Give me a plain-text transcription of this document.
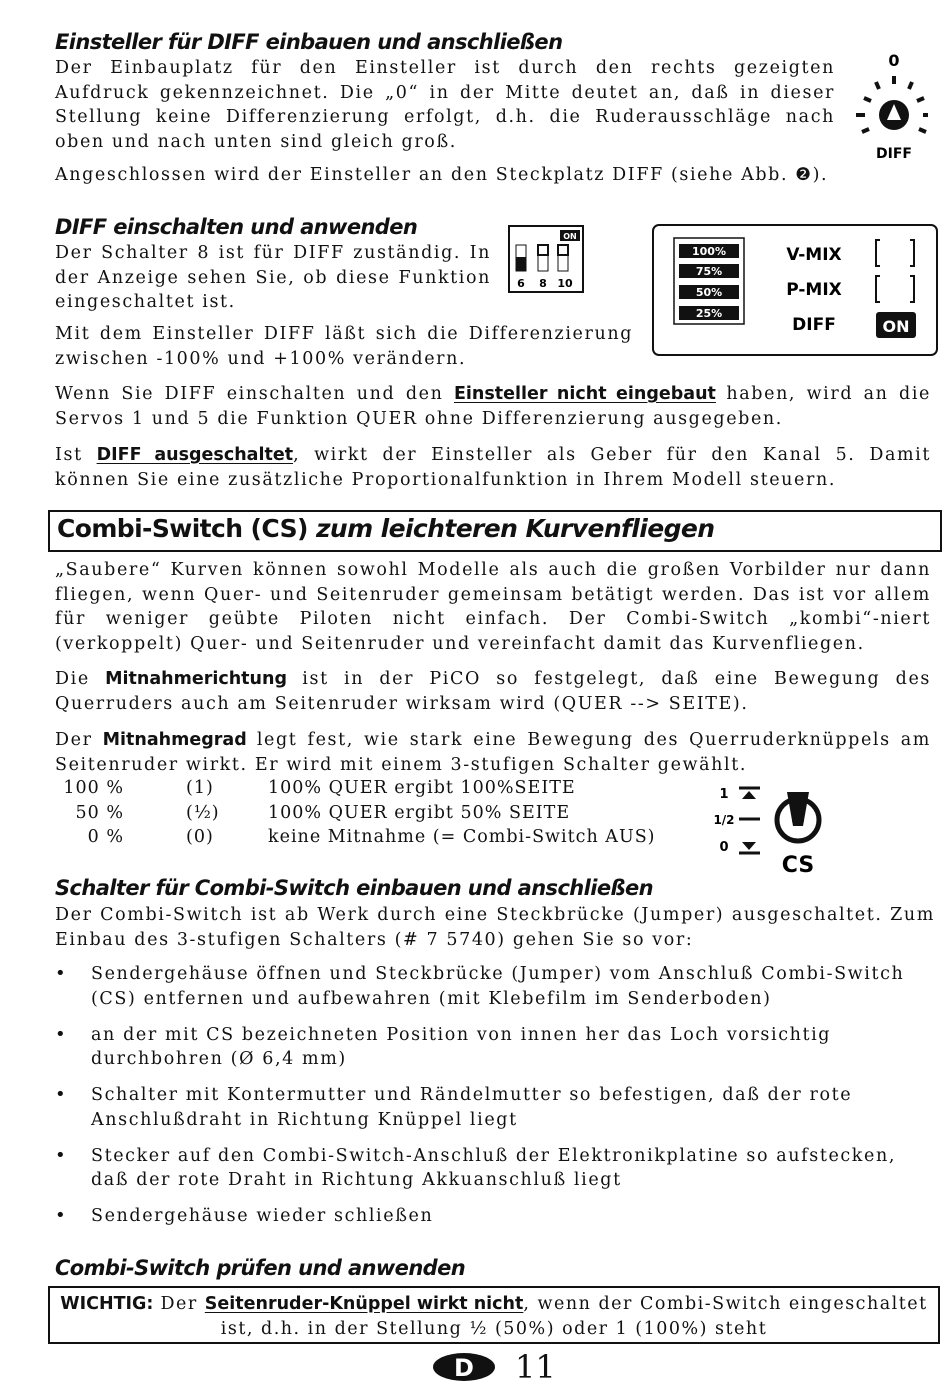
Einsteller für DIFF einbauen und anschließen

Der Einbauplatz für den Einsteller ist durch den rechts gezeigten Aufdruck gekennzeichnet. Die „0“ in der Mitte deutet an, daß in dieser Stellung keine Differenzierung erfolgt, d.h. die Ruderausschläge nach oben und nach unten sind gleich groß.

Angeschlossen wird der Einsteller an den Steckplatz DIFF (siehe Abb. ❷).

0
DIFF
DIFF einschalten und anwenden

Der Schalter 8 ist für DIFF zuständig. In der Anzeige sehen Sie, ob diese Funktion eingeschaltet ist.

ON
6 8 10
100%
75%
50%
25%
V-MIX
P-MIX
DIFF	ON

Mit dem Einsteller DIFF läßt sich die Differenzierung zwischen -100% und +100% verändern.

Wenn Sie DIFF einschalten und den Einsteller nicht eingebaut haben, wird an die Servos 1 und 5 die Funktion QUER ohne Differenzierung ausgegeben.

Ist DIFF ausgeschaltet, wirkt der Einsteller als Geber für den Kanal 5. Damit können Sie eine zusätzliche Proportionalfunktion in Ihrem Modell steuern.

Combi-Switch (CS) zum leichteren Kurvenfliegen

„Saubere“ Kurven können sowohl Modelle als auch die großen Vorbilder nur dann fliegen, wenn Quer- und Seitenruder gemeinsam betätigt werden. Das ist vor allem für weniger geübte Piloten nicht einfach. Der Combi-Switch „kombi“-niert (verkoppelt) Quer- und Seitenruder und vereinfacht damit das Kurvenfliegen.

Die Mitnahmerichtung ist in der PiCO so festgelegt, daß eine Bewegung des Querruders auch am Seitenruder wirksam wird (QUER --> SEITE).

Der Mitnahmegrad legt fest, wie stark eine Bewegung des Querruderknüppels am Seitenruder wirkt. Er wird mit einem 3-stufigen Schalter gewählt.

100 %	(1)	100% QUER ergibt 100%SEITE
50 %	(½)	100% QUER ergibt 50% SEITE
0 %	(0)	keine Mitnahme (= Combi-Switch AUS)
1
1/2
0
CS
Schalter für Combi-Switch einbauen und anschließen

Der Combi-Switch ist ab Werk durch eine Steckbrücke (Jumper) ausgeschaltet. Zum Einbau des 3-stufigen Schalters (# 7 5740) gehen Sie so vor:

• Sendergehäuse öffnen und Steckbrücke (Jumper) vom Anschluß Combi-Switch (CS) entfernen und aufbewahren (mit Klebefilm im Senderboden)
• an der mit CS bezeichneten Position von innen her das Loch vorsichtig durchbohren (Ø 6,4 mm)
• Schalter mit Kontermutter und Rändelmutter so befestigen, daß der rote Anschlußdraht in Richtung Knüppel liegt
• Stecker auf den Combi-Switch-Anschluß der Elektronikplatine so aufstecken, daß der rote Draht in Richtung Akkuanschluß liegt
• Sendergehäuse wieder schließen
Combi-Switch prüfen und anwenden
WICHTIG: Der Seitenruder-Knüppel wirkt nicht, wenn der Combi-Switch eingeschaltet ist, d.h. in der Stellung ½ (50%) oder 1 (100%) steht
D 11
